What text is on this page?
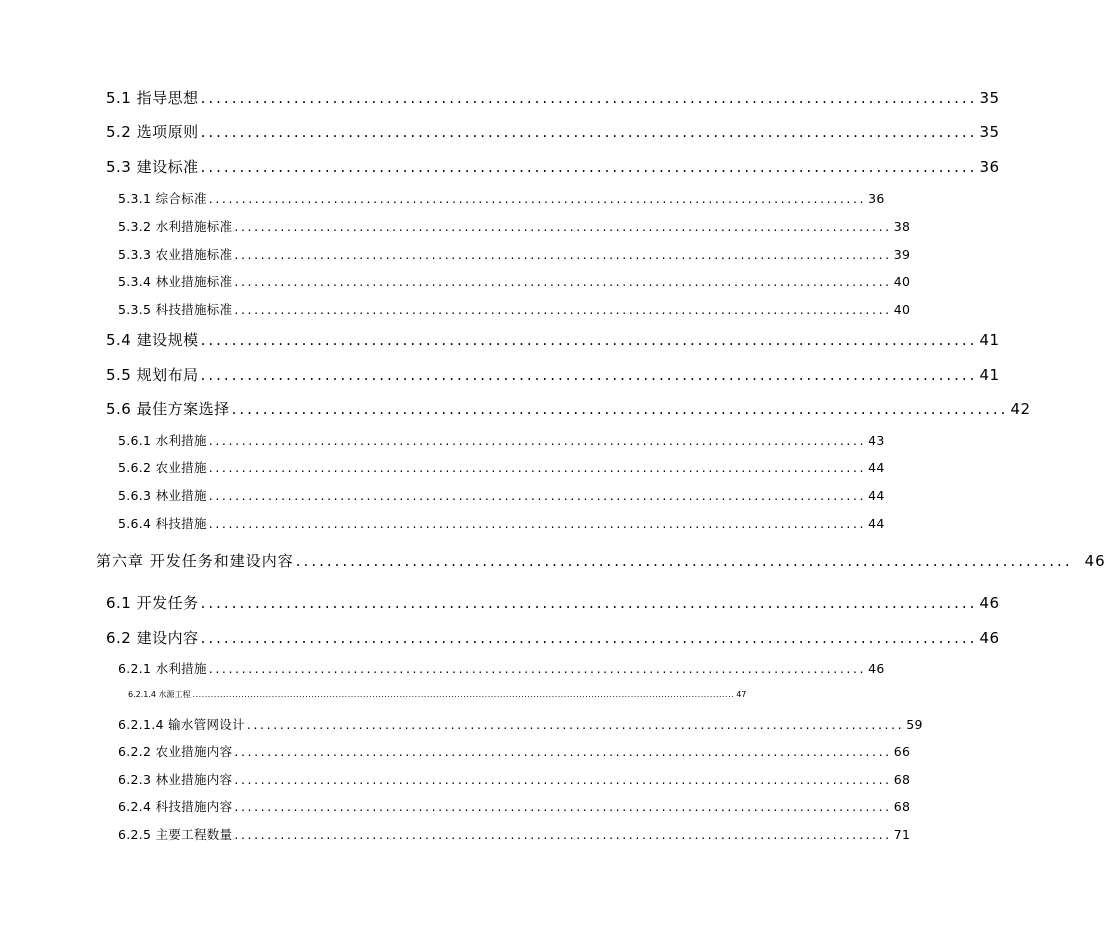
5.1 指导思想 .................................................................................................... 35
5.2 选项原则 .................................................................................................... 35
5.3 建设标准 .................................................................................................... 36
5.3.1 综合标准 .................................................................................................... 36
5.3.2 水利措施标准 .................................................................................................... 38
5.3.3 农业措施标准 .................................................................................................... 39
5.3.4 林业措施标准 .................................................................................................... 40
5.3.5 科技措施标准 .................................................................................................... 40
5.4 建设规模 .................................................................................................... 41
5.5 规划布局 .................................................................................................... 41
5.6 最佳方案选择 .................................................................................................... 42
5.6.1 水利措施 .................................................................................................... 43
5.6.2 农业措施 .................................................................................................... 44
5.6.3 林业措施 .................................................................................................... 44
5.6.4 科技措施 .................................................................................................... 44
第六章 开发任务和建设内容 .................................................................................................... 46
6.1 开发任务 .................................................................................................... 46
6.2 建设内容 .................................................................................................... 46
6.2.1 水利措施 .................................................................................................... 46
6.2.1.4 水源工程 .................................................................................................................................................................................. 47
6.2.1.4 输水管网设计 .................................................................................................... 59
6.2.2 农业措施内容 .................................................................................................... 66
6.2.3 林业措施内容 .................................................................................................... 68
6.2.4 科技措施内容 .................................................................................................... 68
6.2.5 主要工程数量 .................................................................................................... 71
